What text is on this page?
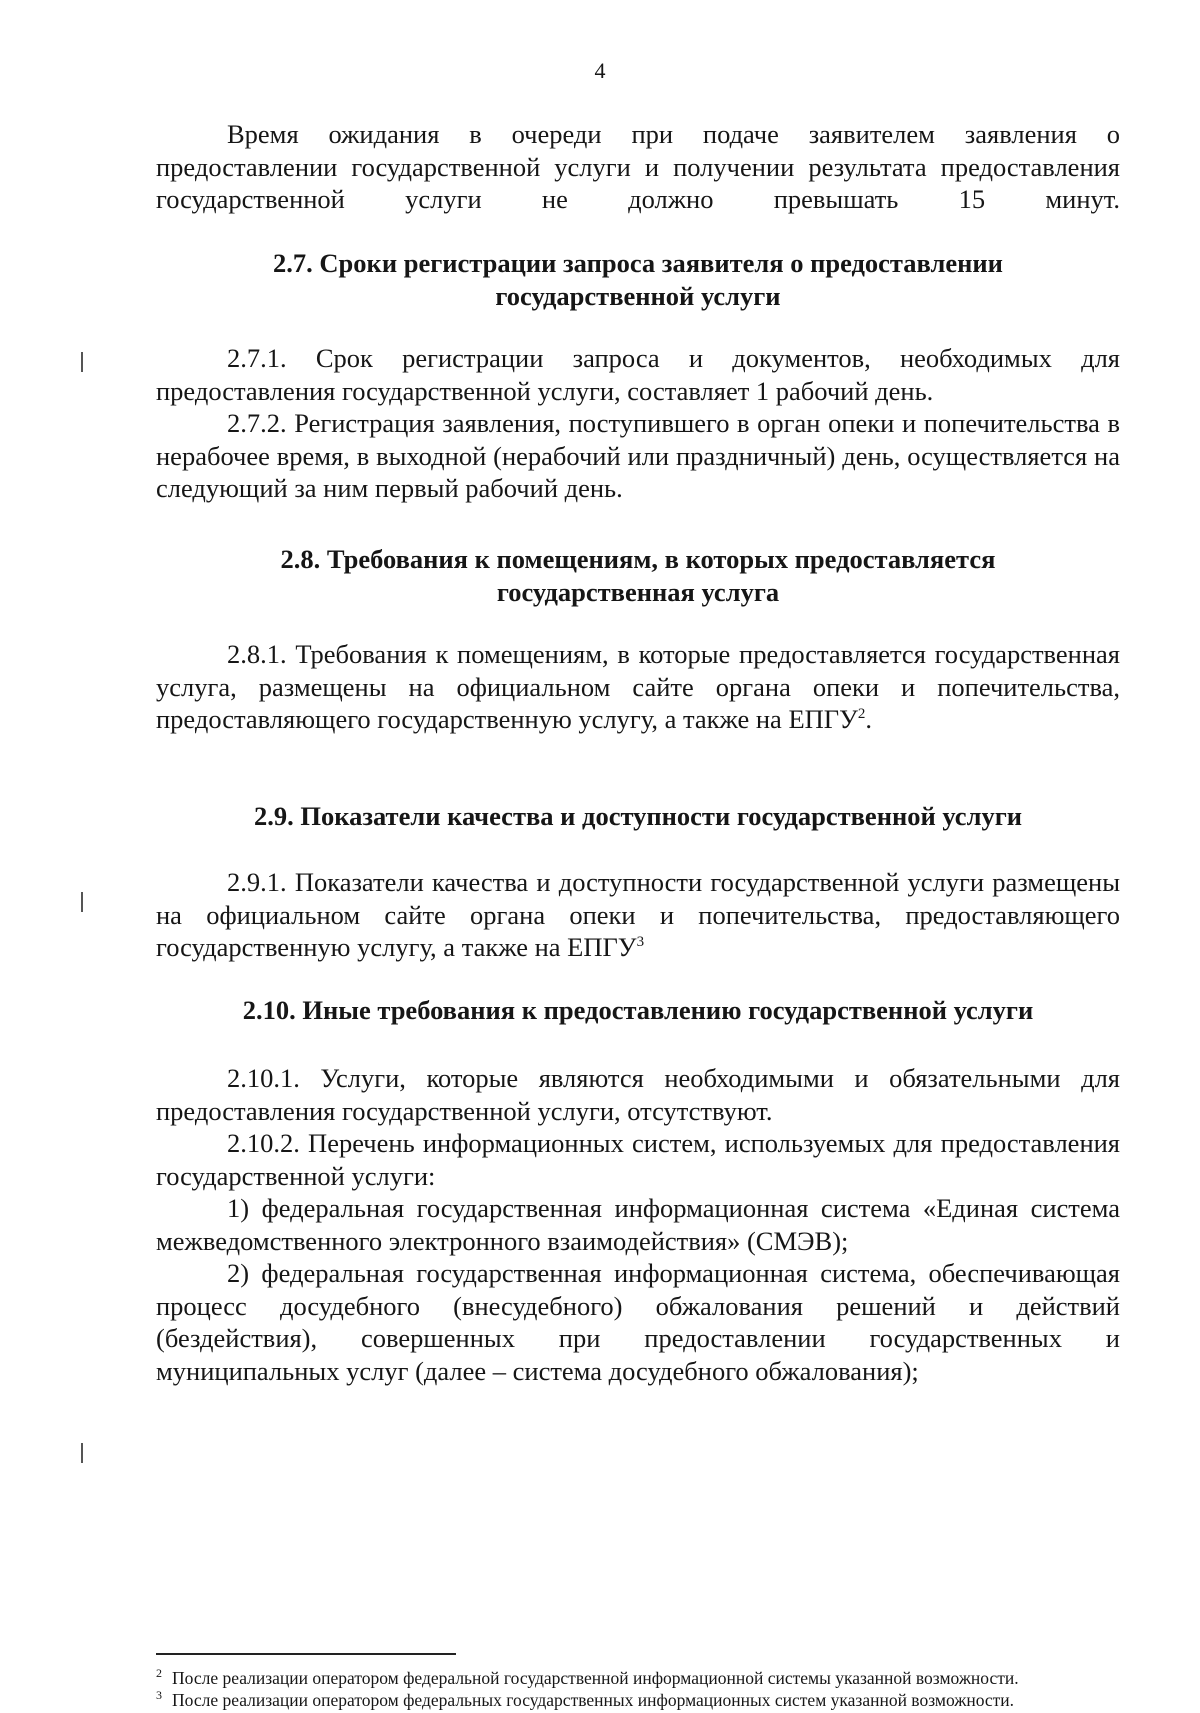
4

Время ожидания в очереди при подаче заявителем заявления о предоставлении государственной услуги и получении результата предоставления государственной услуги не должно превышать 15 минут.

2.7. Сроки регистрации запроса заявителя о предоставлении государственной услуги

2.7.1. Срок регистрации запроса и документов, необходимых для предоставления государственной услуги, составляет 1 рабочий день.

2.7.2. Регистрация заявления, поступившего в орган опеки и попечительства в нерабочее время, в выходной (нерабочий или праздничный) день, осуществляется на следующий за ним первый рабочий день.

2.8. Требования к помещениям, в которых предоставляется государственная услуга

2.8.1. Требования к помещениям, в которые предоставляется государственная услуга, размещены на официальном сайте органа опеки и попечительства, предоставляющего государственную услугу, а также на ЕПГУ$^2$.

2.9. Показатели качества и доступности государственной услуги

2.9.1. Показатели качества и доступности государственной услуги размещены на официальном сайте органа опеки и попечительства, предоставляющего государственную услугу, а также на ЕПГУ$^3$

2.10. Иные требования к предоставлению государственной услуги

2.10.1. Услуги, которые являются необходимыми и обязательными для предоставления государственной услуги, отсутствуют.

2.10.2. Перечень информационных систем, используемых для предоставления государственной услуги:

1) федеральная государственная информационная система «Единая система межведомственного электронного взаимодействия» (СМЭВ);

2) федеральная государственная информационная система, обеспечивающая процесс досудебного (внесудебного) обжалования решений и действий (бездействия), совершенных при предоставлении государственных и муниципальных услуг (далее – система досудебного обжалования);

$^2$ После реализации оператором федеральной государственной информационной системы указанной возможности.

$^3$ После реализации оператором федеральных государственных информационных систем указанной возможности.
